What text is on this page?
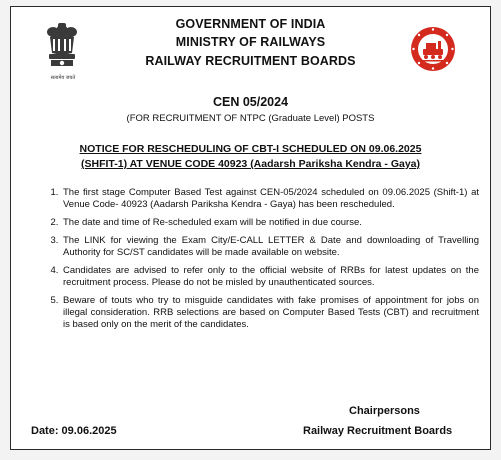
सत्यमेव जयते
GOVERNMENT OF INDIA
MINISTRY OF RAILWAYS
RAILWAY RECRUITMENT BOARDS
CEN 05/2024
(FOR RECRUITMENT OF NTPC (Graduate Level) POSTS
NOTICE FOR RESCHEDULING OF CBT-I SCHEDULED ON 09.06.2025
(SHFIT-1) AT VENUE CODE 40923 (Aadarsh Pariksha Kendra - Gaya)
1. The first stage Computer Based Test against CEN-05/2024 scheduled on 09.06.2025 (Shift-1) at Venue Code- 40923 (Aadarsh Pariksha Kendra - Gaya) has been rescheduled.
2. The date and time of Re-scheduled exam will be notified in due course.
3. The LINK for viewing the Exam City/E-CALL LETTER & Date and downloading of Travelling Authority for SC/ST candidates will be made available on website.
4. Candidates are advised to refer only to the official website of RRBs for latest updates on the recruitment process. Please do not be misled by unauthenticated sources.
5. Beware of touts who try to misguide candidates with fake promises of appointment for jobs on illegal consideration. RRB selections are based on Computer Based Tests (CBT) and recruitment is based only on the merit of the candidates.
Chairpersons
Railway Recruitment Boards
Date: 09.06.2025
